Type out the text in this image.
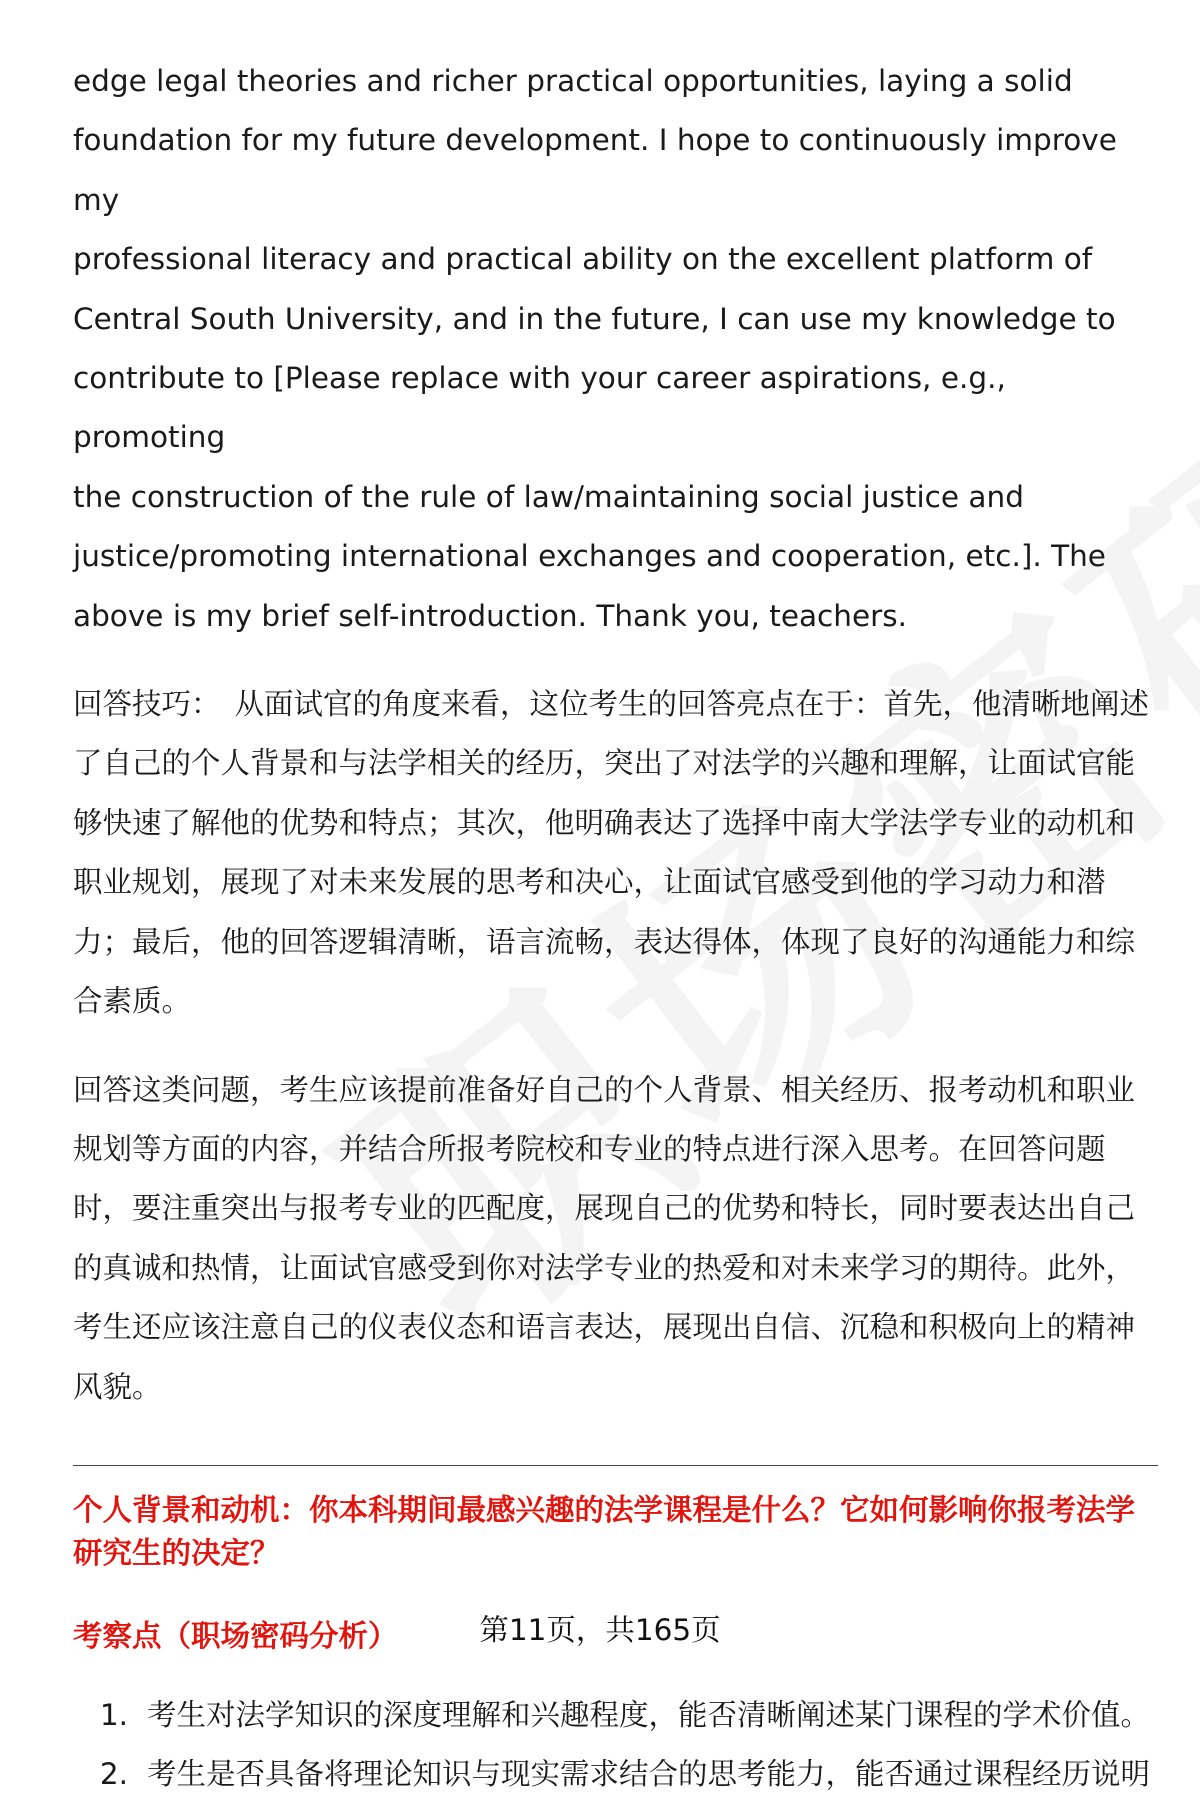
edge legal theories and richer practical opportunities, laying a solid
foundation for my future development. I hope to continuously improve my
professional literacy and practical ability on the excellent platform of
Central South University, and in the future, I can use my knowledge to
contribute to [Please replace with your career aspirations, e.g., promoting
the construction of the rule of law/maintaining social justice and
justice/promoting international exchanges and cooperation, etc.]. The
above is my brief self-introduction. Thank you, teachers.
回答技巧： 从面试官的角度来看，这位考生的回答亮点在于：首先，他清晰地阐述
了自己的个人背景和与法学相关的经历，突出了对法学的兴趣和理解，让面试官能
够快速了解他的优势和特点；其次，他明确表达了选择中南大学法学专业的动机和
职业规划，展现了对未来发展的思考和决心，让面试官感受到他的学习动力和潜
力；最后，他的回答逻辑清晰，语言流畅，表达得体，体现了良好的沟通能力和综
合素质。
回答这类问题，考生应该提前准备好自己的个人背景、相关经历、报考动机和职业
规划等方面的内容，并结合所报考院校和专业的特点进行深入思考。在回答问题
时，要注重突出与报考专业的匹配度，展现自己的优势和特长，同时要表达出自己
的真诚和热情，让面试官感受到你对法学专业的热爱和对未来学习的期待。此外，
考生还应该注意自己的仪表仪态和语言表达，展现出自信、沉稳和积极向上的精神
风貌。
个人背景和动机：你本科期间最感兴趣的法学课程是什么？它如何影响你报考法学
研究生的决定？
考察点（职场密码分析）
1. 考生对法学知识的深度理解和兴趣程度，能否清晰阐述某门课程的学术价值。
2. 考生是否具备将理论知识与现实需求结合的思考能力，能否通过课程经历说明
第11页，共165页
